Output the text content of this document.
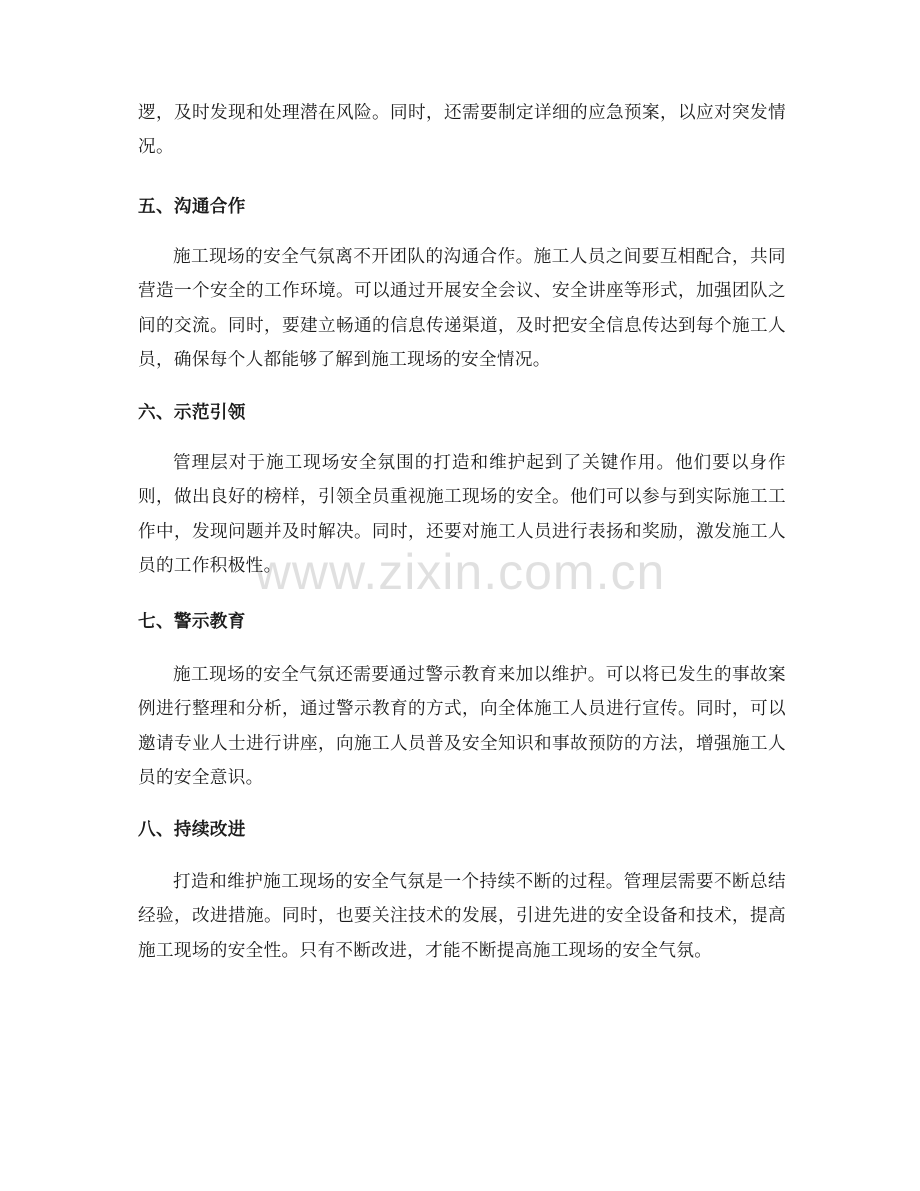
逻，及时发现和处理潜在风险。同时，还需要制定详细的应急预案，以应对突发情况。

五、沟通合作

施工现场的安全气氛离不开团队的沟通合作。施工人员之间要互相配合，共同营造一个安全的工作环境。可以通过开展安全会议、安全讲座等形式，加强团队之间的交流。同时，要建立畅通的信息传递渠道，及时把安全信息传达到每个施工人员，确保每个人都能够了解到施工现场的安全情况。

六、示范引领

管理层对于施工现场安全氛围的打造和维护起到了关键作用。他们要以身作则，做出良好的榜样，引领全员重视施工现场的安全。他们可以参与到实际施工工作中，发现问题并及时解决。同时，还要对施工人员进行表扬和奖励，激发施工人员的工作积极性。

七、警示教育

施工现场的安全气氛还需要通过警示教育来加以维护。可以将已发生的事故案例进行整理和分析，通过警示教育的方式，向全体施工人员进行宣传。同时，可以邀请专业人士进行讲座，向施工人员普及安全知识和事故预防的方法，增强施工人员的安全意识。

八、持续改进

打造和维护施工现场的安全气氛是一个持续不断的过程。管理层需要不断总结经验，改进措施。同时，也要关注技术的发展，引进先进的安全设备和技术，提高施工现场的安全性。只有不断改进，才能不断提高施工现场的安全气氛。

www.zixin.com.cn
